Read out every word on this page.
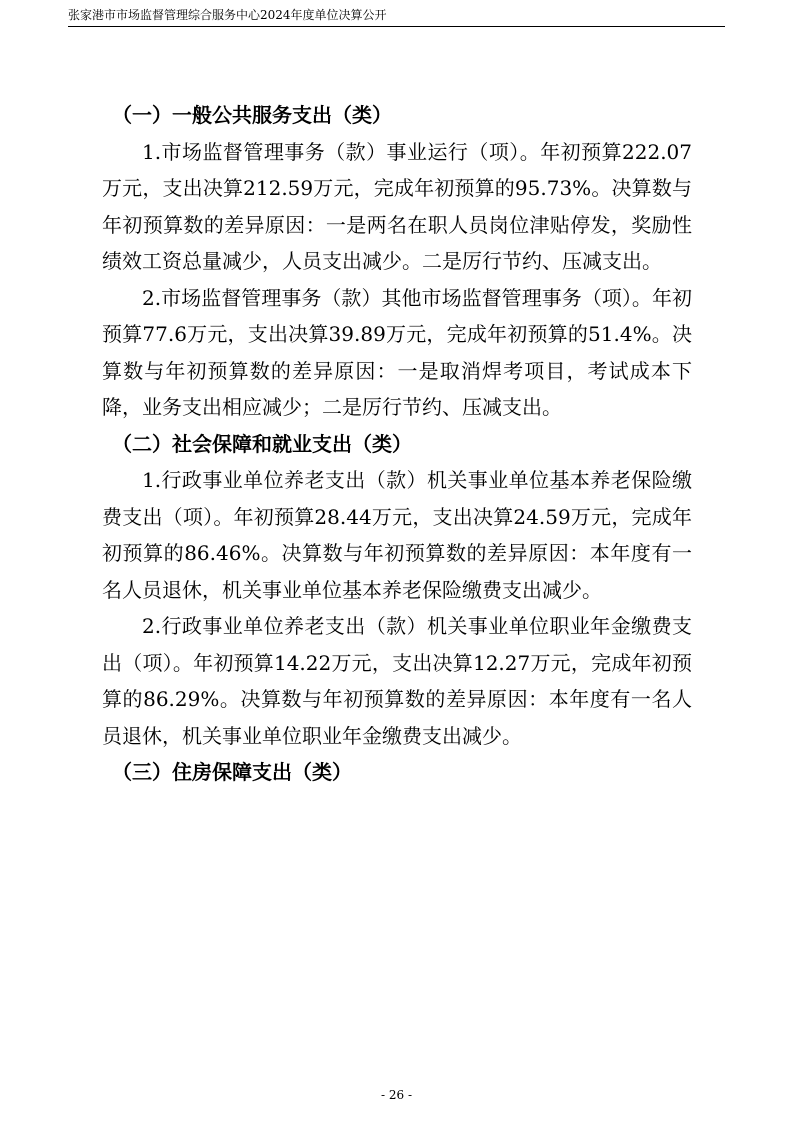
张家港市市场监督管理综合服务中心2024年度单位决算公开

（一）一般公共服务支出（类）

1.市场监督管理事务（款）事业运行（项）。年初预算222.07万元，支出决算212.59万元，完成年初预算的95.73%。决算数与年初预算数的差异原因：一是两名在职人员岗位津贴停发，奖励性绩效工资总量减少，人员支出减少。二是厉行节约、压减支出。

2.市场监督管理事务（款）其他市场监督管理事务（项）。年初预算77.6万元，支出决算39.89万元，完成年初预算的51.4%。决算数与年初预算数的差异原因：一是取消焊考项目，考试成本下降，业务支出相应减少；二是厉行节约、压减支出。

（二）社会保障和就业支出（类）

1.行政事业单位养老支出（款）机关事业单位基本养老保险缴费支出（项）。年初预算28.44万元，支出决算24.59万元，完成年初预算的86.46%。决算数与年初预算数的差异原因：本年度有一名人员退休，机关事业单位基本养老保险缴费支出减少。

2.行政事业单位养老支出（款）机关事业单位职业年金缴费支出（项）。年初预算14.22万元，支出决算12.27万元，完成年初预算的86.29%。决算数与年初预算数的差异原因：本年度有一名人员退休，机关事业单位职业年金缴费支出减少。

（三）住房保障支出（类）

- 26 -
